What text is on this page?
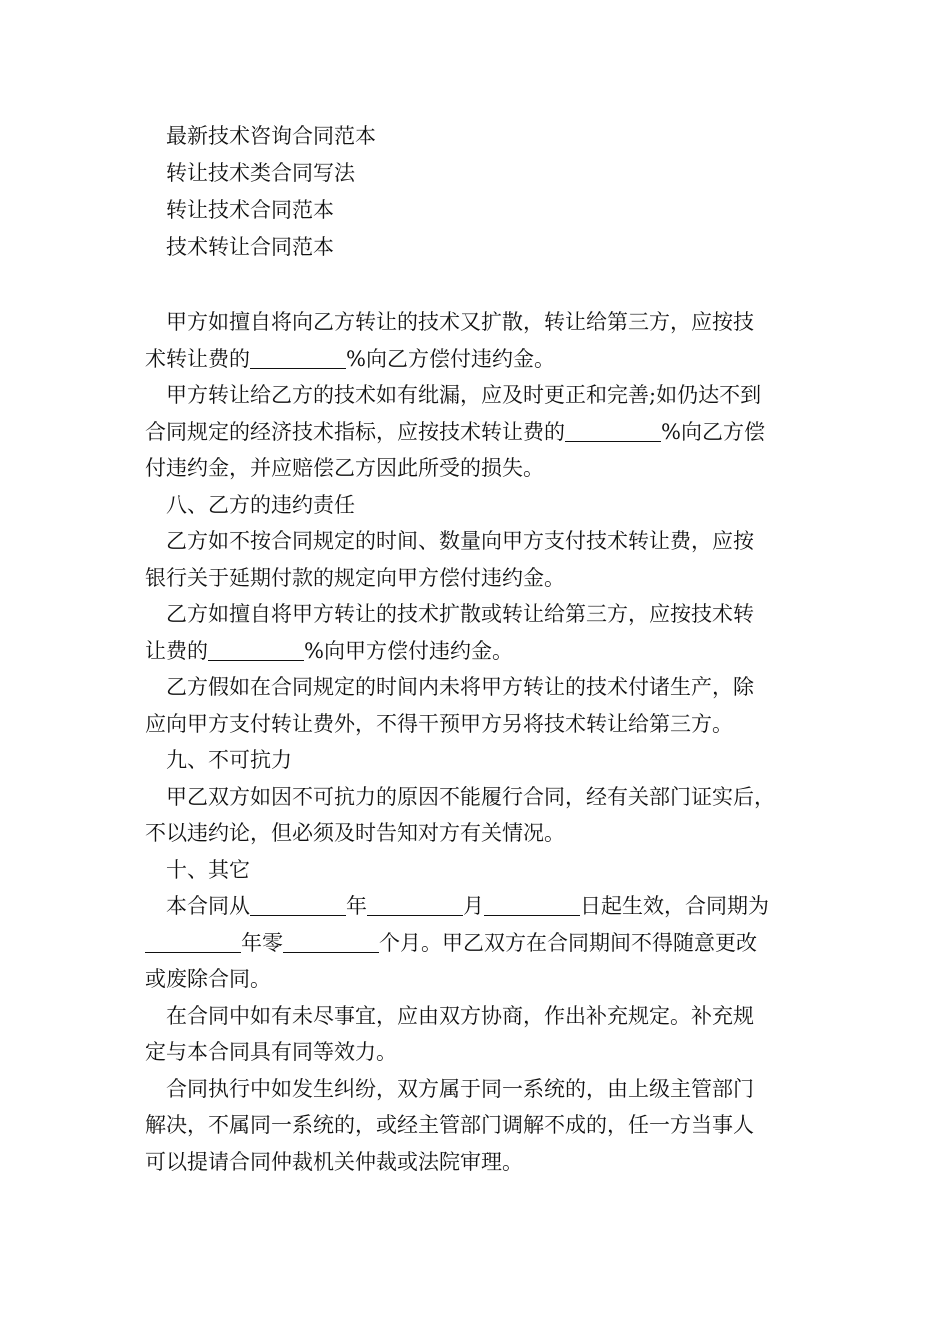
最新技术咨询合同范本
转让技术类合同写法
转让技术合同范本
技术转让合同范本

甲方如擅自将向乙方转让的技术又扩散，转让给第三方，应按技
术转让费的	%向乙方偿付违约金。

甲方转让给乙方的技术如有纰漏，应及时更正和完善;如仍达不到
合同规定的经济技术指标，应按技术转让费的	%向乙方偿
付违约金，并应赔偿乙方因此所受的损失。

八、乙方的违约责任

乙方如不按合同规定的时间、数量向甲方支付技术转让费，应按
银行关于延期付款的规定向甲方偿付违约金。

乙方如擅自将甲方转让的技术扩散或转让给第三方，应按技术转
让费的	%向甲方偿付违约金。

乙方假如在合同规定的时间内未将甲方转让的技术付诸生产，除
应向甲方支付转让费外，不得干预甲方另将技术转让给第三方。

九、不可抗力

甲乙双方如因不可抗力的原因不能履行合同，经有关部门证实后，
不以违约论，但必须及时告知对方有关情况。

十、其它

本合同从	年	月	日起生效，合同期为
年零	个月。甲乙双方在合同期间不得随意更改
或废除合同。

在合同中如有未尽事宜，应由双方协商，作出补充规定。补充规
定与本合同具有同等效力。

合同执行中如发生纠纷，双方属于同一系统的，由上级主管部门
解决，不属同一系统的，或经主管部门调解不成的，任一方当事人
可以提请合同仲裁机关仲裁或法院审理。
